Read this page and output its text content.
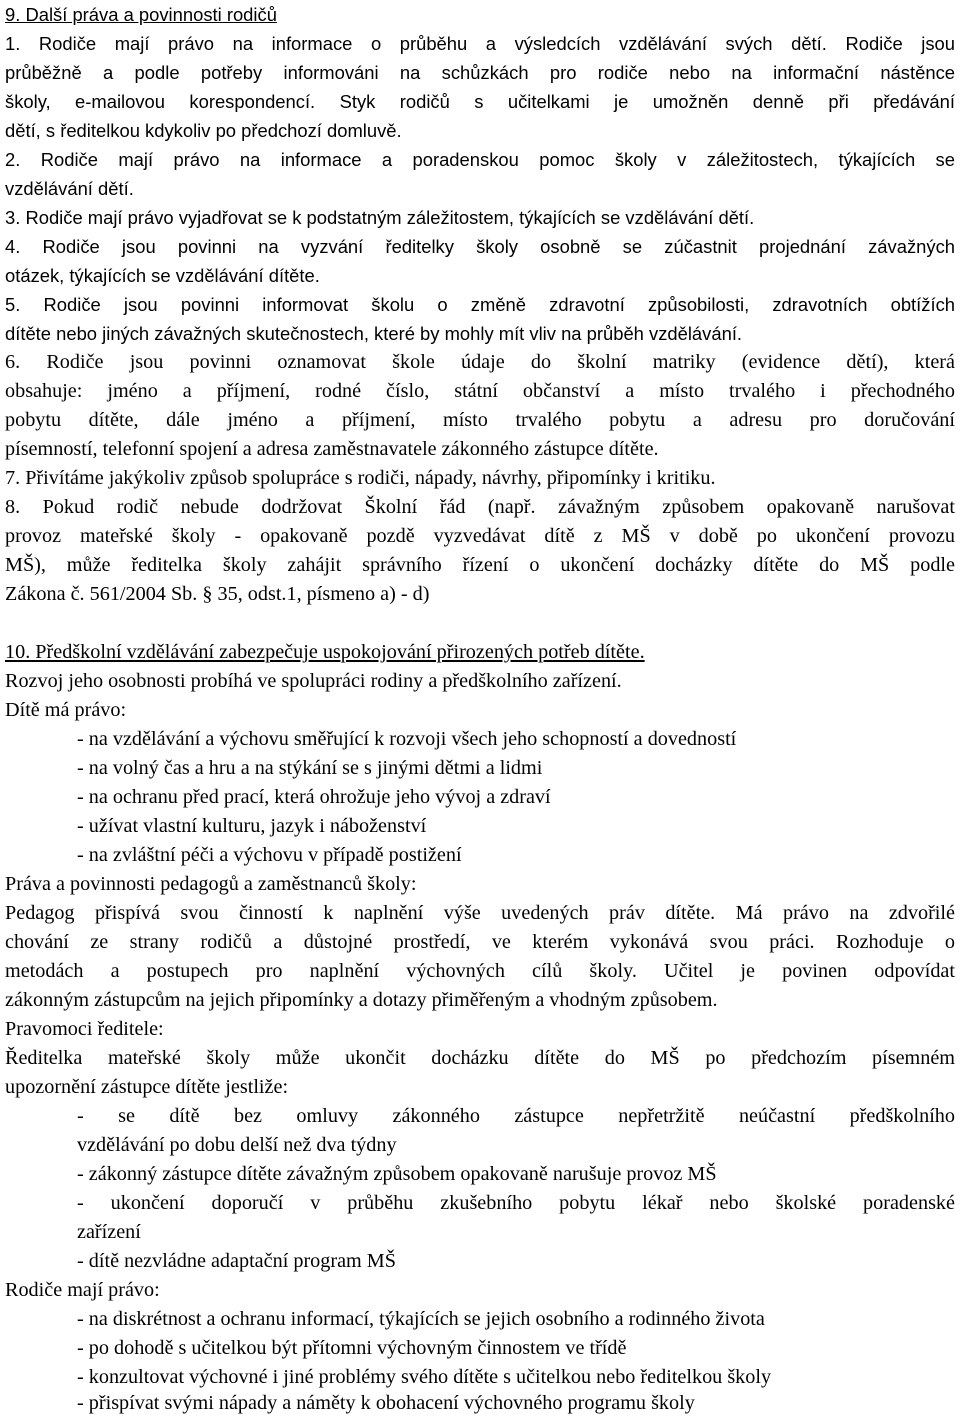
9. Další práva a povinnosti rodičů
1. Rodiče mají právo na informace o průběhu a výsledcích vzdělávání svých dětí. Rodiče jsou
průběžně a podle potřeby informováni na schůzkách pro rodiče nebo na informační nástěnce
školy, e-mailovou korespondencí. Styk rodičů s učitelkami je umožněn denně při předávání
dětí, s ředitelkou kdykoliv po předchozí domluvě.
2. Rodiče mají právo na informace a poradenskou pomoc školy v záležitostech, týkajících se
vzdělávání dětí.
3. Rodiče mají právo vyjadřovat se k podstatným záležitostem, týkajících se vzdělávání dětí.
4. Rodiče jsou povinni na vyzvání ředitelky školy osobně se zúčastnit projednání závažných
otázek, týkajících se vzdělávání dítěte.
5. Rodiče jsou povinni informovat školu o změně zdravotní způsobilosti, zdravotních obtížích
dítěte nebo jiných závažných skutečnostech, které by mohly mít vliv na průběh vzdělávání.
6. Rodiče jsou povinni oznamovat škole údaje do školní matriky (evidence dětí), která
obsahuje: jméno a příjmení, rodné číslo, státní občanství a místo trvalého i přechodného
pobytu dítěte, dále jméno a příjmení, místo trvalého pobytu a adresu pro doručování
písemností, telefonní spojení a adresa zaměstnavatele zákonného zástupce dítěte.
7. Přivítáme jakýkoliv způsob spolupráce s rodiči, nápady, návrhy, připomínky i kritiku.
8. Pokud rodič nebude dodržovat Školní řád (např. závažným způsobem opakovaně narušovat
provoz mateřské školy - opakovaně pozdě vyzvedávat dítě z MŠ v době po ukončení provozu
MŠ), může ředitelka školy zahájit správního řízení o ukončení docházky dítěte do MŠ podle
Zákona č. 561/2004 Sb. § 35, odst.1, písmeno a) - d)
10. Předškolní vzdělávání zabezpečuje uspokojování přirozených potřeb dítěte.
Rozvoj jeho osobnosti probíhá ve spolupráci rodiny a předškolního zařízení.
Dítě má právo:
- na vzdělávání a výchovu směřující k rozvoji všech jeho schopností a dovedností
- na volný čas a hru a na stýkání se s jinými dětmi a lidmi
- na ochranu před prací, která ohrožuje jeho vývoj a zdraví
- užívat vlastní kulturu, jazyk i náboženství
- na zvláštní péči a výchovu v případě postižení
Práva a povinnosti pedagogů a zaměstnanců školy:
Pedagog přispívá svou činností k naplnění výše uvedených práv dítěte. Má právo na zdvořilé
chování ze strany rodičů a důstojné prostředí, ve kterém vykonává svou práci. Rozhoduje o
metodách a postupech pro naplnění výchovných cílů školy. Učitel je povinen odpovídat
zákonným zástupcům na jejich připomínky a dotazy přiměřeným a vhodným způsobem.
Pravomoci ředitele:
Ředitelka mateřské školy může ukončit docházku dítěte do MŠ po předchozím písemném
upozornění zástupce dítěte jestliže:
- se dítě bez omluvy zákonného zástupce nepřetržitě neúčastní předškolního
vzdělávání po dobu delší než dva týdny
- zákonný zástupce dítěte závažným způsobem opakovaně narušuje provoz MŠ
- ukončení doporučí v průběhu zkušebního pobytu lékař nebo školské poradenské
zařízení
- dítě nezvládne adaptační program MŠ
Rodiče mají právo:
- na diskrétnost a ochranu informací, týkajících se jejich osobního a rodinného života
- po dohodě s učitelkou být přítomni výchovným činnostem ve třídě
- konzultovat výchovné i jiné problémy svého dítěte s učitelkou nebo ředitelkou školy
- přispívat svými nápady a náměty k obohacení výchovného programu školy
